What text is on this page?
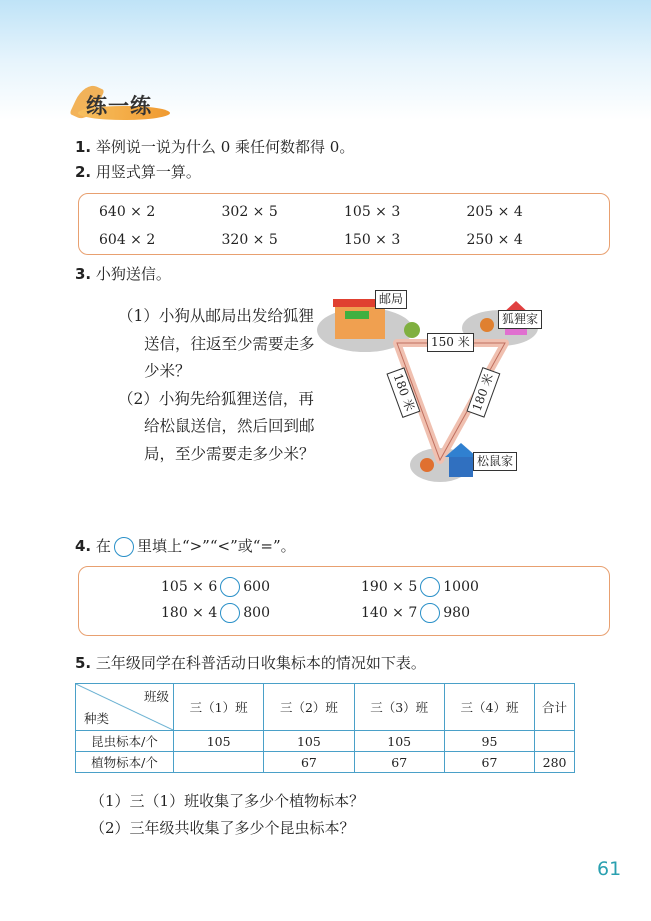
练一练
1. 举例说一说为什么 0 乘任何数都得 0。
2. 用竖式算一算。
640 × 2	302 × 5	105 × 3	205 × 4
604 × 2	320 × 5	150 × 3	250 × 4
3. 小狗送信。

（1）小狗从邮局出发给狐狸送信，往返至少需要走多少米？

（2）小狗先给狐狸送信，再给松鼠送信，然后回到邮局，至少需要走多少米？

邮局
狐狸家
松鼠家
150 米
180 米	180 米
4. 在 里填上“>”“<”或“=”。
105 × 6 600	190 × 5 1000
180 × 4 800	140 × 7 980
5. 三年级同学在科普活动日收集标本的情况如下表。
班级
种类	三（1）班	三（2）班	三（3）班	三（4）班	合计
昆虫标本/个	105	105	105	95	
植物标本/个		67	67	67	280
（1）三（1）班收集了多少个植物标本？
（2）三年级共收集了多少个昆虫标本？
61
